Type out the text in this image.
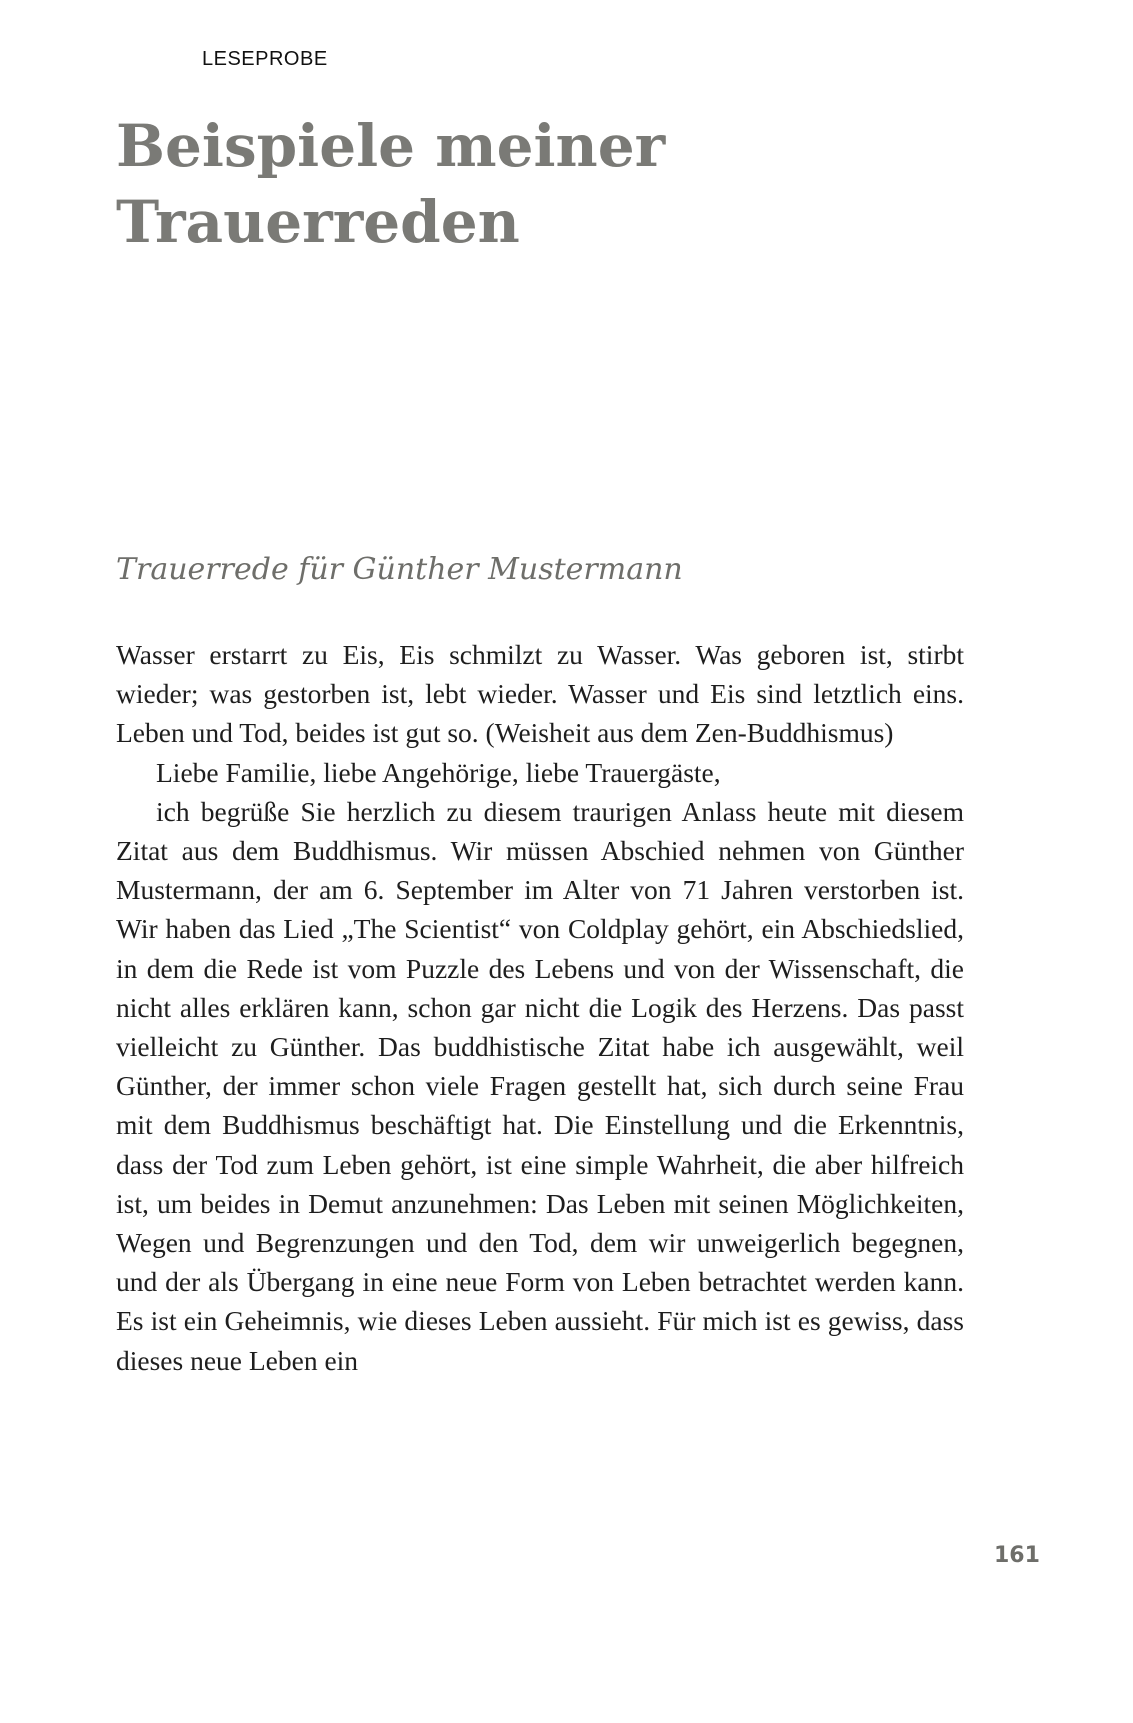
LESEPROBE
Beispiele meiner
Trauerreden
Trauerrede für Günther Mustermann

Wasser erstarrt zu Eis, Eis schmilzt zu Wasser. Was geboren ist, stirbt wieder; was gestorben ist, lebt wieder. Wasser und Eis sind letztlich eins. Leben und Tod, beides ist gut so. (Weisheit aus dem Zen-Buddhismus)

Liebe Familie, liebe Angehörige, liebe Trauergäste,

ich begrüße Sie herzlich zu diesem traurigen Anlass heute mit diesem Zitat aus dem Buddhismus. Wir müssen Abschied nehmen von Günther Mustermann, der am 6. September im Alter von 71 Jahren verstorben ist. Wir haben das Lied „The Scientist“ von Coldplay gehört, ein Abschiedslied, in dem die Rede ist vom Puzzle des Lebens und von der Wissenschaft, die nicht alles erklären kann, schon gar nicht die Logik des Herzens. Das passt vielleicht zu Günther. Das buddhistische Zitat habe ich ausgewählt, weil Günther, der immer schon viele Fragen gestellt hat, sich durch seine Frau mit dem Buddhismus beschäftigt hat. Die Einstellung und die Erkenntnis, dass der Tod zum Leben gehört, ist eine simple Wahrheit, die aber hilfreich ist, um beides in Demut anzunehmen: Das Leben mit seinen Möglichkeiten, Wegen und Begrenzungen und den Tod, dem wir unweigerlich begegnen, und der als Übergang in eine neue Form von Leben betrachtet werden kann. Es ist ein Geheimnis, wie dieses Leben aussieht. Für mich ist es gewiss, dass dieses neue Leben ein

161
